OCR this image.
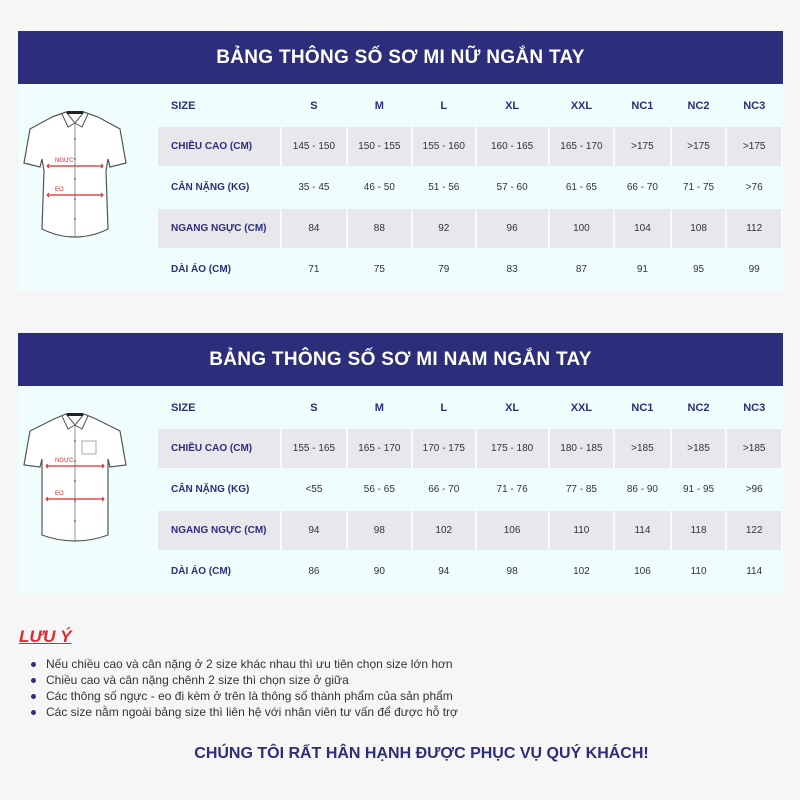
BẢNG THÔNG SỐ SƠ MI NỮ NGẮN TAY
NGỰC
EO
SIZE	S	M	L	XL	XXL	NC1	NC2	NC3
CHIỀU CAO (CM)	145 - 150	150 - 155	155 - 160	160 - 165	165 - 170	>175	>175	>175
CÂN NẶNG (KG)	35 - 45	46 - 50	51 - 56	57 - 60	61 - 65	66 - 70	71 - 75	>76
NGANG NGỰC (CM)	84	88	92	96	100	104	108	112
DÀI ÁO (CM)	71	75	79	83	87	91	95	99
BẢNG THÔNG SỐ SƠ MI NAM NGẮN TAY
NGỰC
EO
SIZE	S	M	L	XL	XXL	NC1	NC2	NC3
CHIỀU CAO (CM)	155 - 165	165 - 170	170 - 175	175 - 180	180 - 185	>185	>185	>185
CÂN NẶNG (KG)	<55	56 - 65	66 - 70	71 - 76	77 - 85	86 - 90	91 - 95	>96
NGANG NGỰC (CM)	94	98	102	106	110	114	118	122
DÀI ÁO (CM)	86	90	94	98	102	106	110	114
LƯU Ý
Nếu chiều cao và cân nặng ở 2 size khác nhau thì ưu tiên chọn size lớn hơn
Chiều cao và cân nặng chênh 2 size thì chọn size ở giữa
Các thông số ngực - eo đi kèm ở trên là thông số thành phẩm của sản phẩm
Các size nằm ngoài bảng size thì liên hệ với nhân viên tư vấn để được hỗ trợ
CHÚNG TÔI RẤT HÂN HẠNH ĐƯỢC PHỤC VỤ QUÝ KHÁCH!
